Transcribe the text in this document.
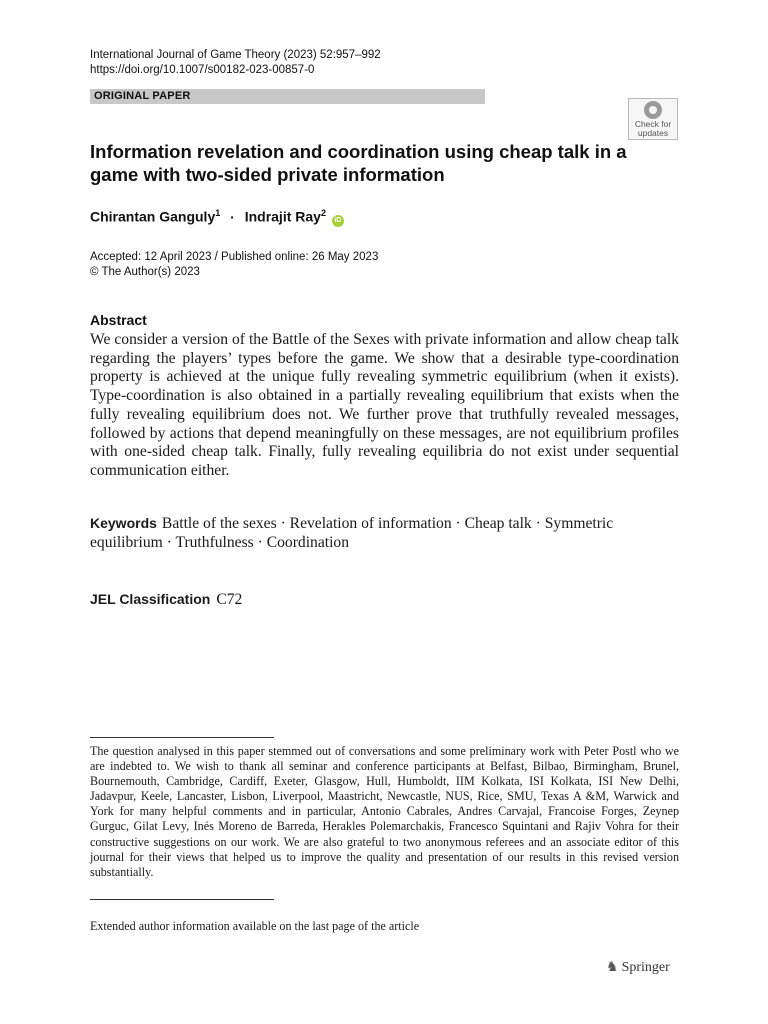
International Journal of Game Theory (2023) 52:957–992
https://doi.org/10.1007/s00182-023-00857-0
ORIGINAL PAPER
Check for updates
Information revelation and coordination using cheap talk in a game with two-sided private information
Chirantan Ganguly$^1$ · Indrajit Ray$^2$ iD
Accepted: 12 April 2023 / Published online: 26 May 2023
© The Author(s) 2023
Abstract
We consider a version of the Battle of the Sexes with private information and allow cheap talk regarding the players’ types before the game. We show that a desirable type-coordination property is achieved at the unique fully revealing symmetric equilibrium (when it exists). Type-coordination is also obtained in a partially revealing equilibrium that exists when the fully revealing equilibrium does not. We further prove that truthfully revealed messages, followed by actions that depend meaningfully on these messages, are not equilibrium profiles with one-sided cheap talk. Finally, fully revealing equilibria do not exist under sequential communication either.
Keywords Battle of the sexes · Revelation of information · Cheap talk · Symmetric equilibrium · Truthfulness · Coordination
JEL Classification C72
The question analysed in this paper stemmed out of conversations and some preliminary work with Peter Postl who we are indebted to. We wish to thank all seminar and conference participants at Belfast, Bilbao, Birmingham, Brunel, Bournemouth, Cambridge, Cardiff, Exeter, Glasgow, Hull, Humboldt, IIM Kolkata, ISI Kolkata, ISI New Delhi, Jadavpur, Keele, Lancaster, Lisbon, Liverpool, Maastricht, Newcastle, NUS, Rice, SMU, Texas A &M, Warwick and York for many helpful comments and in particular, Antonio Cabrales, Andres Carvajal, Francoise Forges, Zeynep Gurguc, Gilat Levy, Inés Moreno de Barreda, Herakles Polemarchakis, Francesco Squintani and Rajiv Vohra for their constructive suggestions on our work. We are also grateful to two anonymous referees and an associate editor of this journal for their views that helped us to improve the quality and presentation of our results in this revised version substantially.
Extended author information available on the last page of the article
♞ Springer
